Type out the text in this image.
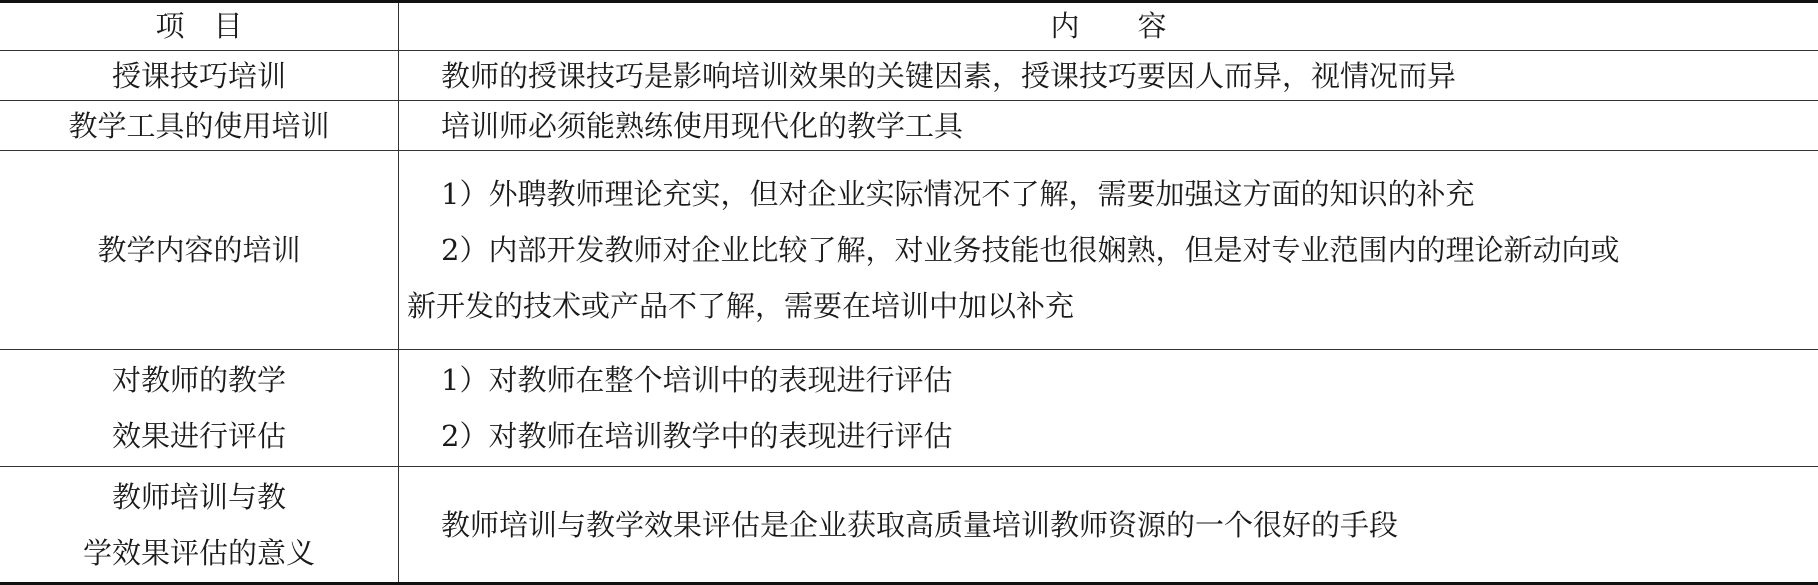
项　目	内　　容

授课技巧培训	教师的授课技巧是影响培训效果的关键因素，授课技巧要因人而异，视情况而异

教学工具的使用培训	培训师必须能熟练使用现代化的教学工具

教学内容的培训	1）外聘教师理论充实，但对企业实际情况不了解，需要加强这方面的知识的补充
2）内部开发教师对企业比较了解，对业务技能也很娴熟，但是对专业范围内的理论新动向或
新开发的技术或产品不了解，需要在培训中加以补充

对教师的教学
效果进行评估	1）对教师在整个培训中的表现进行评估
2）对教师在培训教学中的表现进行评估

教师培训与教
学效果评估的意义	教师培训与教学效果评估是企业获取高质量培训教师资源的一个很好的手段
